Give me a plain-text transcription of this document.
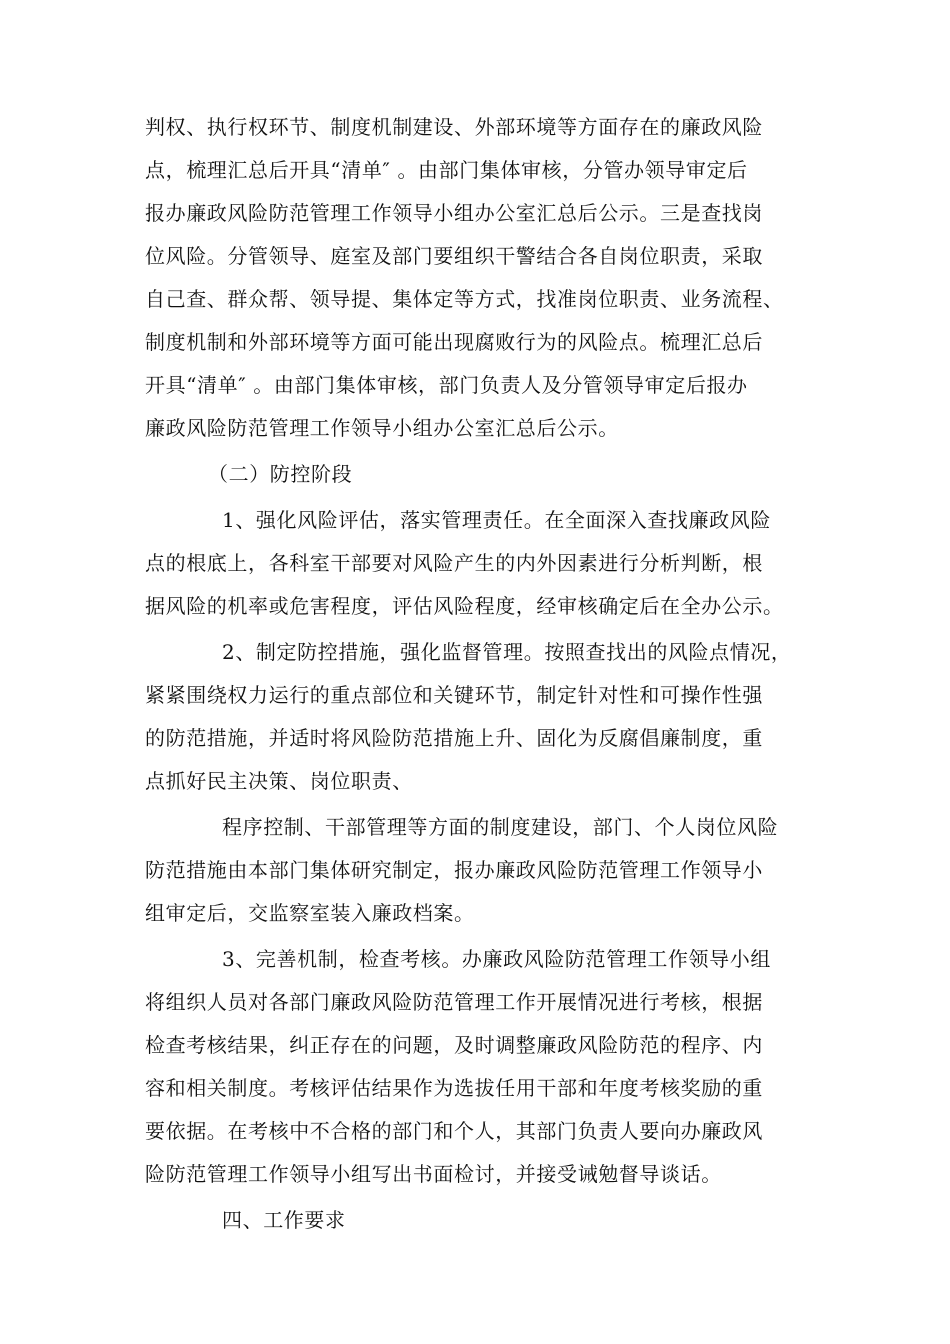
判权、执行权环节、制度机制建设、外部环境等方面存在的廉政风险
点，梳理汇总后开具“清单″ 。由部门集体审核，分管办领导审定后
报办廉政风险防范管理工作领导小组办公室汇总后公示。三是查找岗
位风险。分管领导、庭室及部门要组织干警结合各自岗位职责，采取
自己查、群众帮、领导提、集体定等方式，找准岗位职责、业务流程、
制度机制和外部环境等方面可能出现腐败行为的风险点。梳理汇总后
开具“清单″ 。由部门集体审核，部门负责人及分管领导审定后报办
廉政风险防范管理工作领导小组办公室汇总后公示。
（二）防控阶段
1、强化风险评估，落实管理责任。在全面深入查找廉政风险
点的根底上，各科室干部要对风险产生的内外因素进行分析判断，根
据风险的机率或危害程度，评估风险程度，经审核确定后在全办公示。
2、制定防控措施，强化监督管理。按照查找出的风险点情况，
紧紧围绕权力运行的重点部位和关键环节，制定针对性和可操作性强
的防范措施，并适时将风险防范措施上升、固化为反腐倡廉制度，重
点抓好民主决策、岗位职责、
程序控制、干部管理等方面的制度建设，部门、个人岗位风险
防范措施由本部门集体研究制定，报办廉政风险防范管理工作领导小
组审定后，交监察室装入廉政档案。
3、完善机制，检查考核。办廉政风险防范管理工作领导小组
将组织人员对各部门廉政风险防范管理工作开展情况进行考核，根据
检查考核结果，纠正存在的问题，及时调整廉政风险防范的程序、内
容和相关制度。考核评估结果作为选拔任用干部和年度考核奖励的重
要依据。在考核中不合格的部门和个人，其部门负责人要向办廉政风
险防范管理工作领导小组写出书面检讨，并接受诫勉督导谈话。
四、工作要求
